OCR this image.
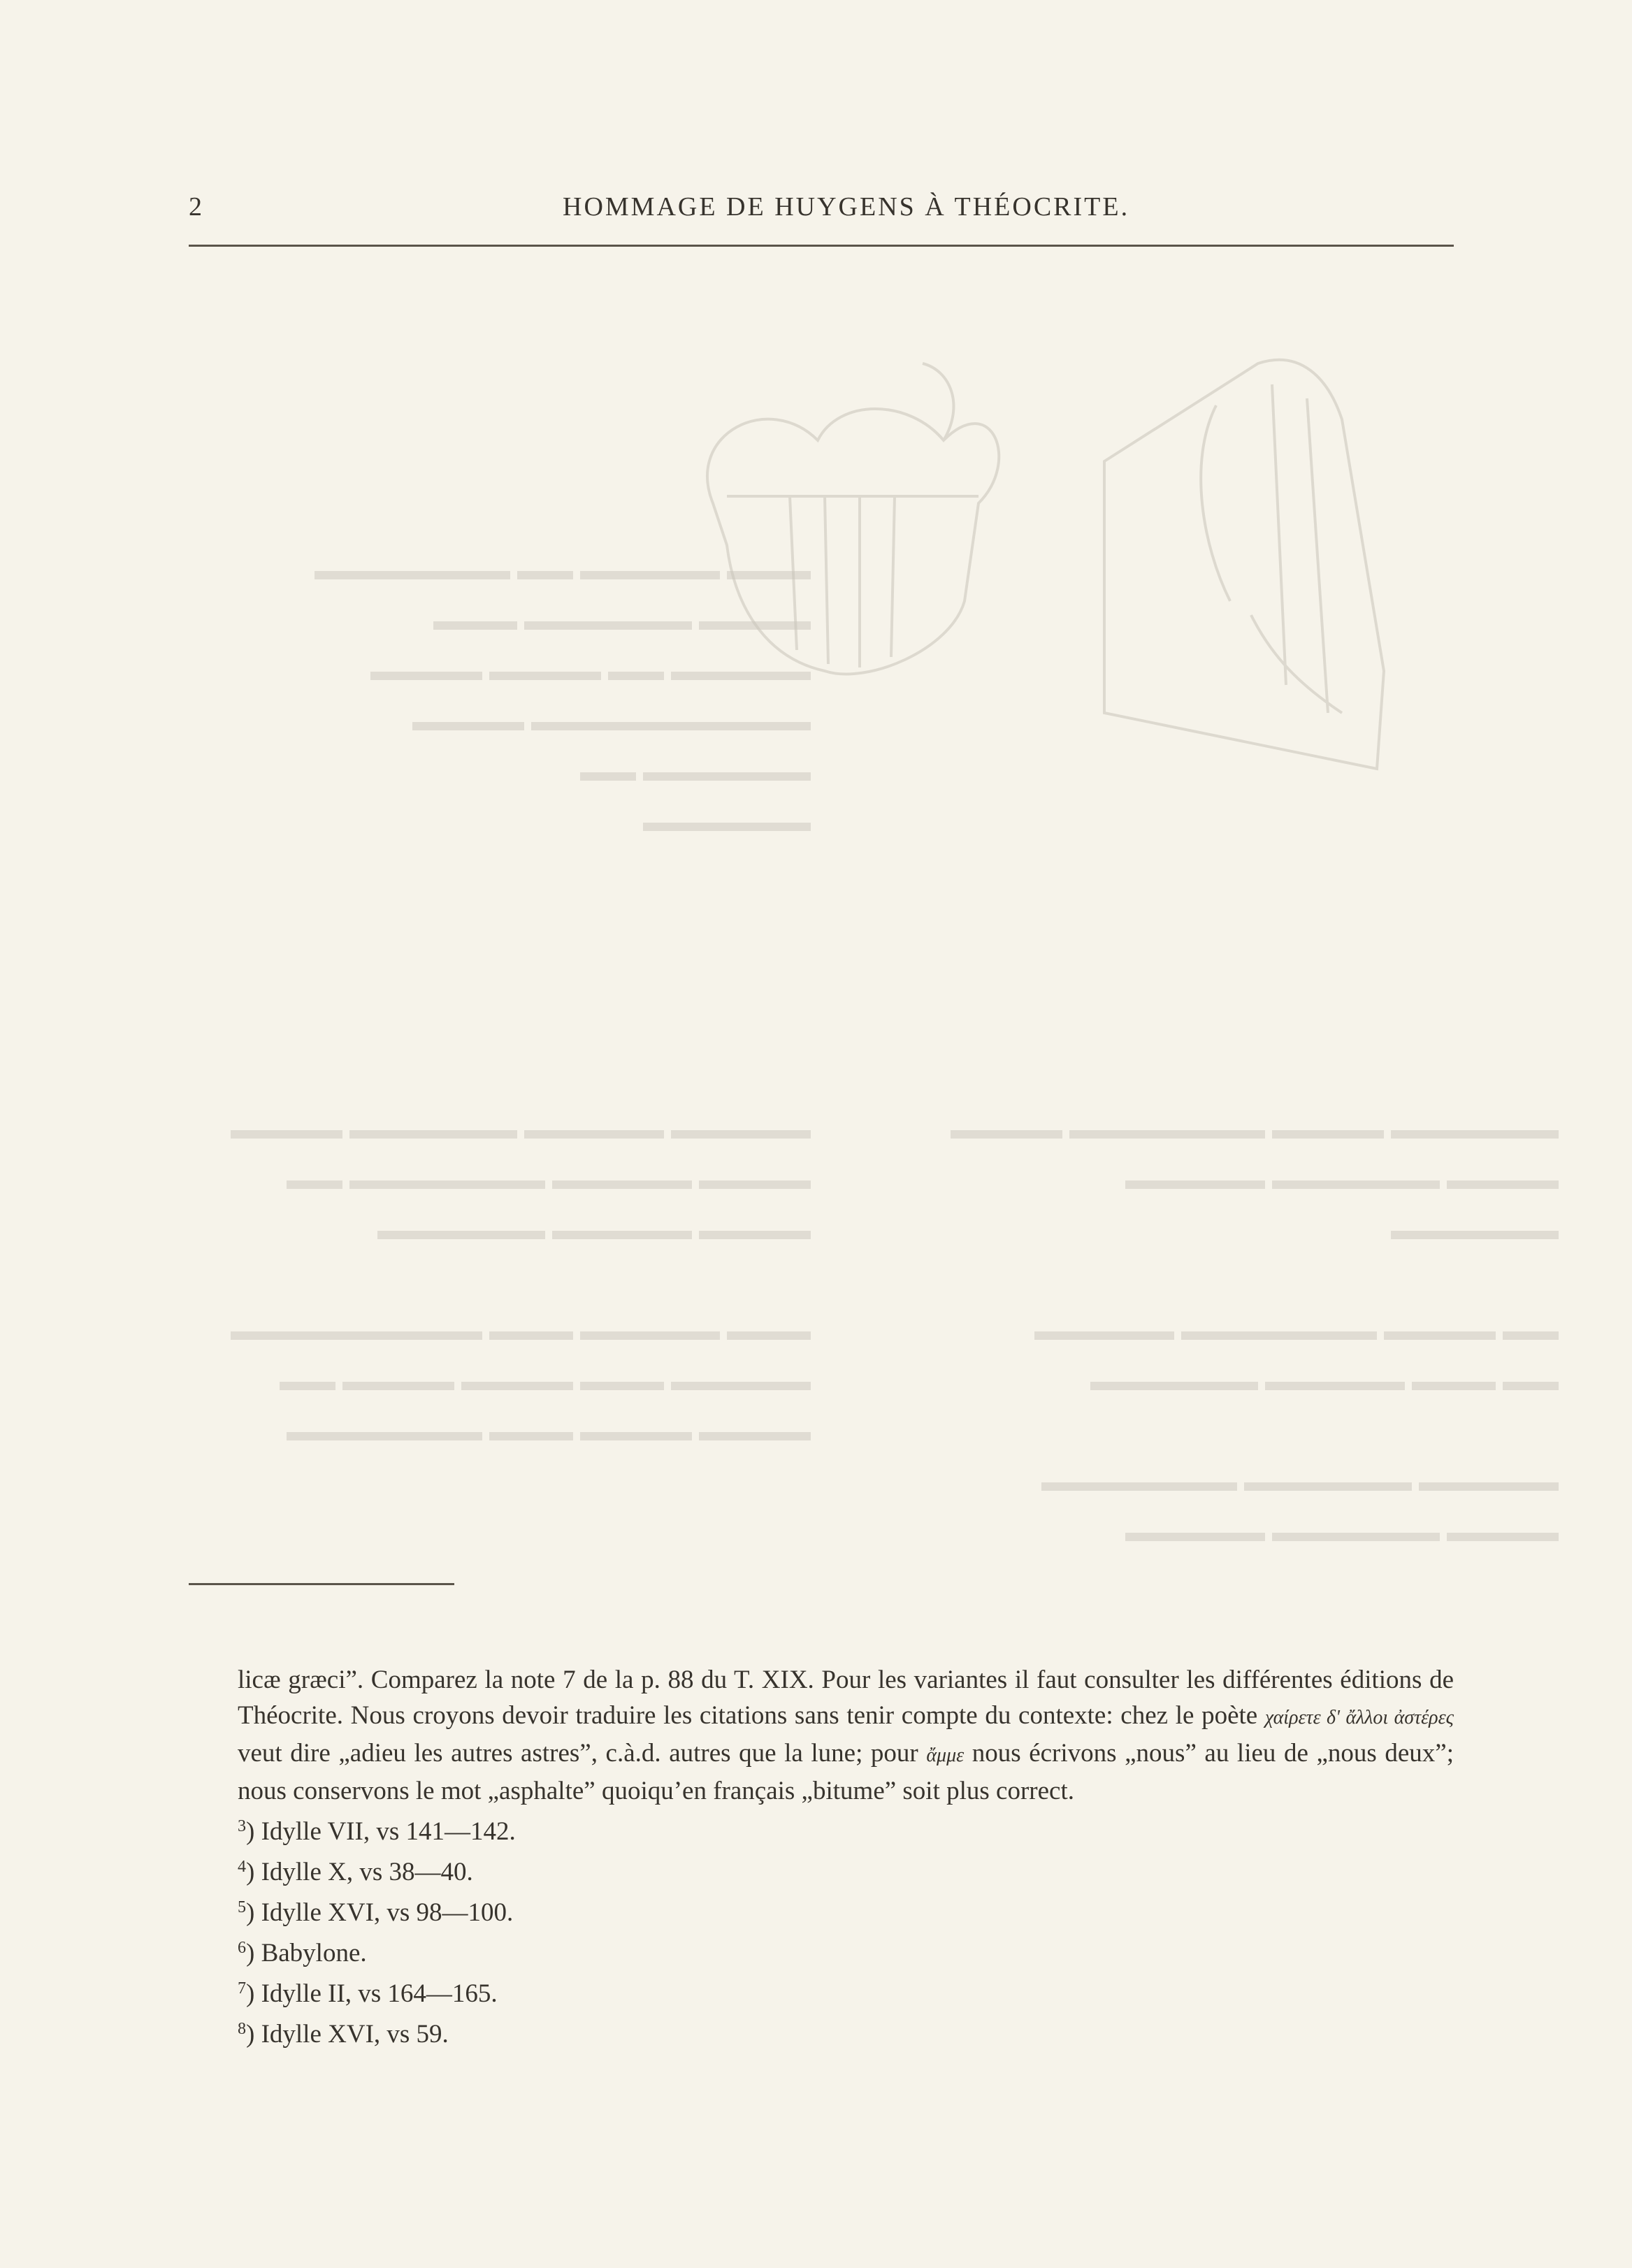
▬▬▬ ▬▬▬▬▬ ▬▬ ▬▬▬▬▬▬▬
▬▬▬▬ ▬▬▬▬▬▬ ▬▬▬
▬▬▬▬▬ ▬▬ ▬▬▬▬ ▬▬▬▬
▬▬▬▬▬▬▬▬▬▬ ▬▬▬▬
▬▬▬▬▬▬ ▬▬
▬▬▬▬▬▬
▬▬▬▬▬ ▬▬▬▬▬ ▬▬▬▬▬▬ ▬▬▬▬
▬▬▬▬ ▬▬▬▬▬ ▬▬▬▬▬▬▬ ▬▬
▬▬▬▬ ▬▬▬▬▬ ▬▬▬▬▬▬

▬▬▬ ▬▬▬▬▬ ▬▬▬ ▬▬▬▬▬▬▬▬▬
▬▬▬▬▬ ▬▬▬ ▬▬▬▬ ▬▬▬▬ ▬▬
▬▬▬▬ ▬▬▬▬ ▬▬▬ ▬▬▬▬▬▬▬
▬▬▬▬▬▬ ▬▬▬▬ ▬▬▬▬▬▬▬ ▬▬▬▬
▬▬▬▬ ▬▬▬▬▬▬ ▬▬▬▬▬
▬▬▬▬▬▬

▬▬ ▬▬▬▬ ▬▬▬▬▬▬▬ ▬▬▬▬▬
▬▬ ▬▬▬ ▬▬▬▬▬ ▬▬▬▬▬▬

▬▬▬▬▬ ▬▬▬▬▬▬ ▬▬▬▬▬▬▬
▬▬▬▬ ▬▬▬▬▬▬ ▬▬▬▬▬
2	HOMMAGE DE HUYGENS À THÉOCRITE.

licæ græci”. Comparez la note 7 de la p. 88 du T. XIX. Pour les variantes il faut consulter les différentes éditions de Théocrite. Nous croyons devoir traduire les citations sans tenir compte du contexte: chez le poète χαίρετε δ' ἄλλοι ἀστέρες veut dire „adieu les autres astres”, c.à.d. autres que la lune; pour ἄμμε nous écrivons „nous” au lieu de „nous deux”; nous conservons le mot „asphalte” quoiqu’en français „bitume” soit plus correct.

$^3$) Idylle VII, vs 141—142.

$^4$) Idylle X, vs 38—40.

$^5$) Idylle XVI, vs 98—100.

$^6$) Babylone.

$^7$) Idylle II, vs 164—165.

$^8$) Idylle XVI, vs 59.
